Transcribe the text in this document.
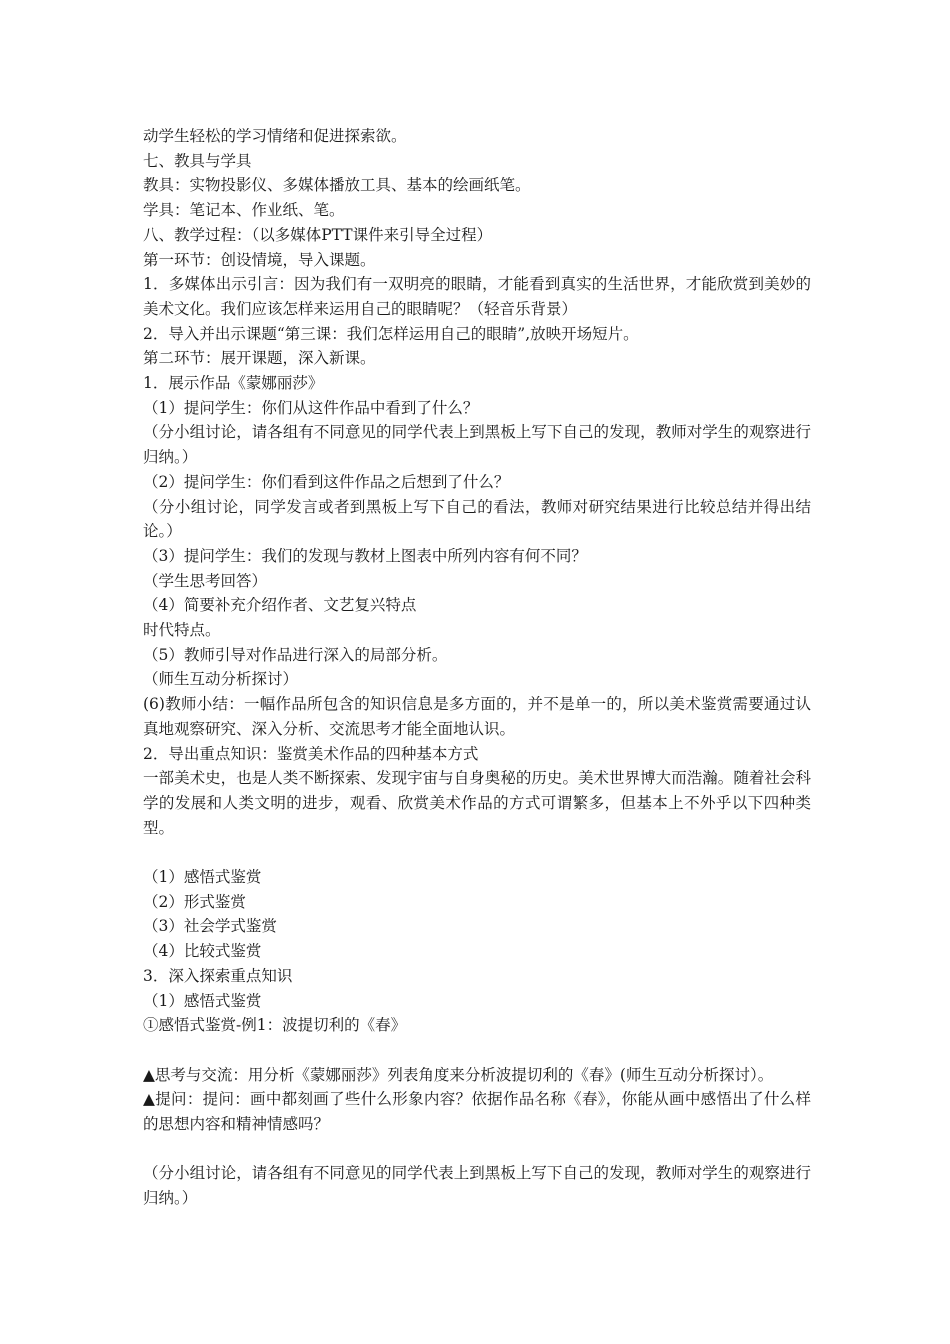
动学生轻松的学习情绪和促进探索欲。
七、教具与学具
教具：实物投影仪、多媒体播放工具、基本的绘画纸笔。
学具：笔记本、作业纸、笔。
八、教学过程：（以多媒体PTT课件来引导全过程）
第一环节：创设情境，导入课题。
1．多媒体出示引言：因为我们有一双明亮的眼睛，才能看到真实的生活世界，才能欣赏到美妙的美术文化。我们应该怎样来运用自己的眼睛呢？（轻音乐背景）
2．导入并出示课题“第三课：我们怎样运用自己的眼睛”,放映开场短片。
第二环节：展开课题，深入新课。
1．展示作品《蒙娜丽莎》
（1）提问学生：你们从这件作品中看到了什么？
（分小组讨论，请各组有不同意见的同学代表上到黑板上写下自己的发现，教师对学生的观察进行归纳。）
（2）提问学生：你们看到这件作品之后想到了什么？
（分小组讨论，同学发言或者到黑板上写下自己的看法，教师对研究结果进行比较总结并得出结论。）
（3）提问学生：我们的发现与教材上图表中所列内容有何不同？
（学生思考回答）
（4）简要补充介绍作者、文艺复兴特点
时代特点。
（5）教师引导对作品进行深入的局部分析。
（师生互动分析探讨）
(6)教师小结：一幅作品所包含的知识信息是多方面的，并不是单一的，所以美术鉴赏需要通过认真地观察研究、深入分析、交流思考才能全面地认识。
2．导出重点知识：鉴赏美术作品的四种基本方式
一部美术史，也是人类不断探索、发现宇宙与自身奥秘的历史。美术世界博大而浩瀚。随着社会科学的发展和人类文明的进步，观看、欣赏美术作品的方式可谓繁多，但基本上不外乎以下四种类型。
（1）感悟式鉴赏
（2）形式鉴赏
（3）社会学式鉴赏
（4）比较式鉴赏
3．深入探索重点知识
（1）感悟式鉴赏
①感悟式鉴赏-例1：波提切利的《春》
▲思考与交流：用分析《蒙娜丽莎》列表角度来分析波提切利的《春》(师生互动分析探讨）。
▲提问：提问：画中都刻画了些什么形象内容？依据作品名称《春》，你能从画中感悟出了什么样的思想内容和精神情感吗？
（分小组讨论，请各组有不同意见的同学代表上到黑板上写下自己的发现，教师对学生的观察进行归纳。）
